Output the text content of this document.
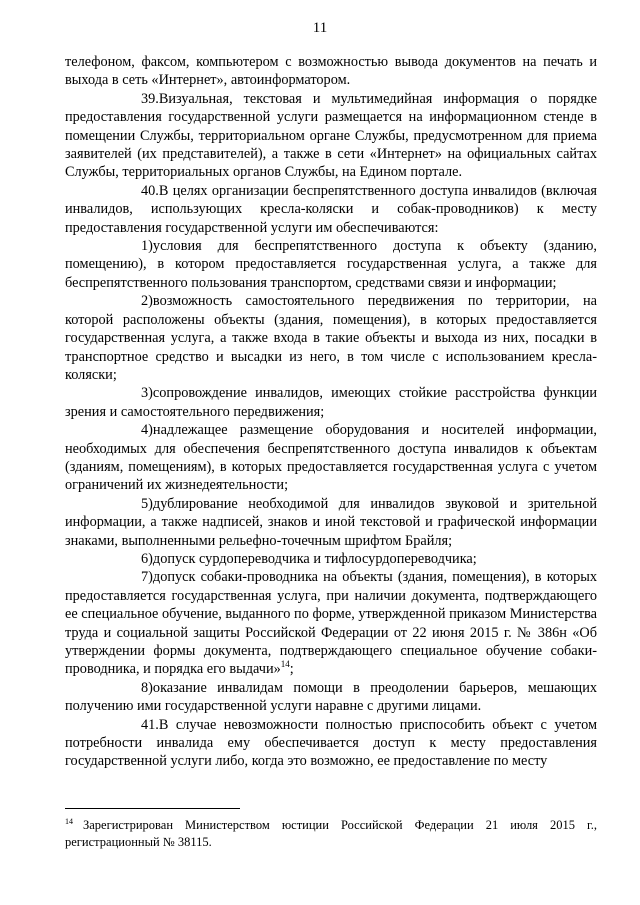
11

телефоном, факсом, компьютером с возможностью вывода документов на печать и выхода в сеть «Интернет», автоинформатором.

39.Визуальная, текстовая и мультимедийная информация о порядке предоставления государственной услуги размещается на информационном стенде в помещении Службы, территориальном органе Службы, предусмотренном для приема заявителей (их представителей), а также в сети «Интернет» на официальных сайтах Службы, территориальных органов Службы, на Едином портале.

40.В целях организации беспрепятственного доступа инвалидов (включая инвалидов, использующих кресла-коляски и собак-проводников) к месту предоставления государственной услуги им обеспечиваются:

1)условия для беспрепятственного доступа к объекту (зданию, помещению), в котором предоставляется государственная услуга, а также для беспрепятственного пользования транспортом, средствами связи и информации;

2)возможность самостоятельного передвижения по территории, на которой расположены объекты (здания, помещения), в которых предоставляется государственная услуга, а также входа в такие объекты и выхода из них, посадки в транспортное средство и высадки из него, в том числе с использованием кресла-коляски;

3)сопровождение инвалидов, имеющих стойкие расстройства функции зрения и самостоятельного передвижения;

4)надлежащее размещение оборудования и носителей информации, необходимых для обеспечения беспрепятственного доступа инвалидов к объектам (зданиям, помещениям), в которых предоставляется государственная услуга с учетом ограничений их жизнедеятельности;

5)дублирование необходимой для инвалидов звуковой и зрительной информации, а также надписей, знаков и иной текстовой и графической информации знаками, выполненными рельефно-точечным шрифтом Брайля;

6)допуск сурдопереводчика и тифлосурдопереводчика;

7)допуск собаки-проводника на объекты (здания, помещения), в которых предоставляется государственная услуга, при наличии документа, подтверждающего ее специальное обучение, выданного по форме, утвержденной приказом Министерства труда и социальной защиты Российской Федерации от 22 июня 2015 г. № 386н «Об утверждении формы документа, подтверждающего специальное обучение собаки-проводника, и порядка его выдачи»$^{14}$;

8)оказание инвалидам помощи в преодолении барьеров, мешающих получению ими государственной услуги наравне с другими лицами.

41.В случае невозможности полностью приспособить объект с учетом потребности инвалида ему обеспечивается доступ к месту предоставления государственной услуги либо, когда это возможно, ее предоставление по месту

$^{14}$ Зарегистрирован Министерством юстиции Российской Федерации 21 июля 2015 г., регистрационный № 38115.
